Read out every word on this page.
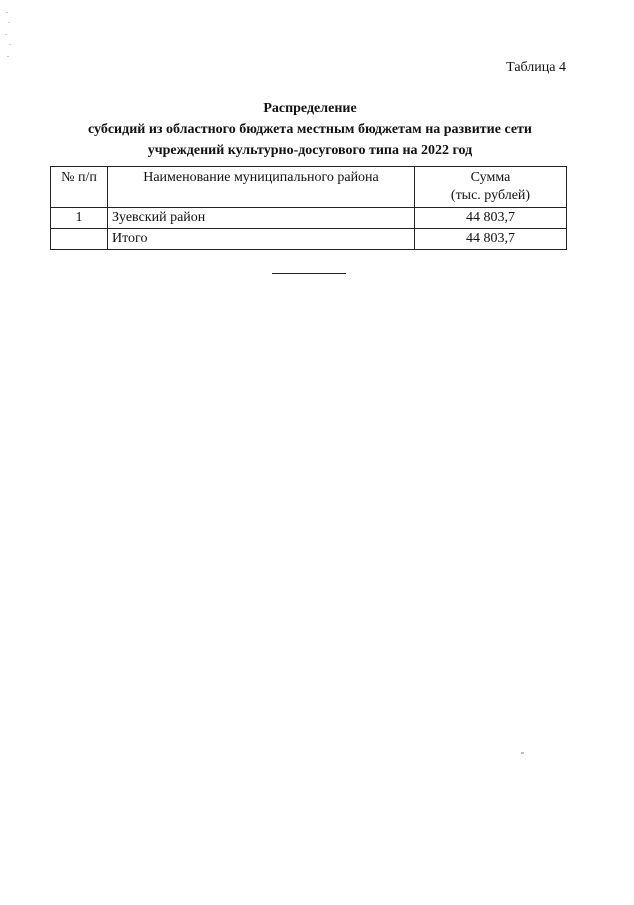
Таблица 4
Распределение
субсидий из областного бюджета местным бюджетам на развитие сети
учреждений культурно-досугового типа на 2022 год
№ п/п	Наименование муниципального района	Сумма
(тыс. рублей)

1	Зуевский район	44 803,7
	Итого	44 803,7
